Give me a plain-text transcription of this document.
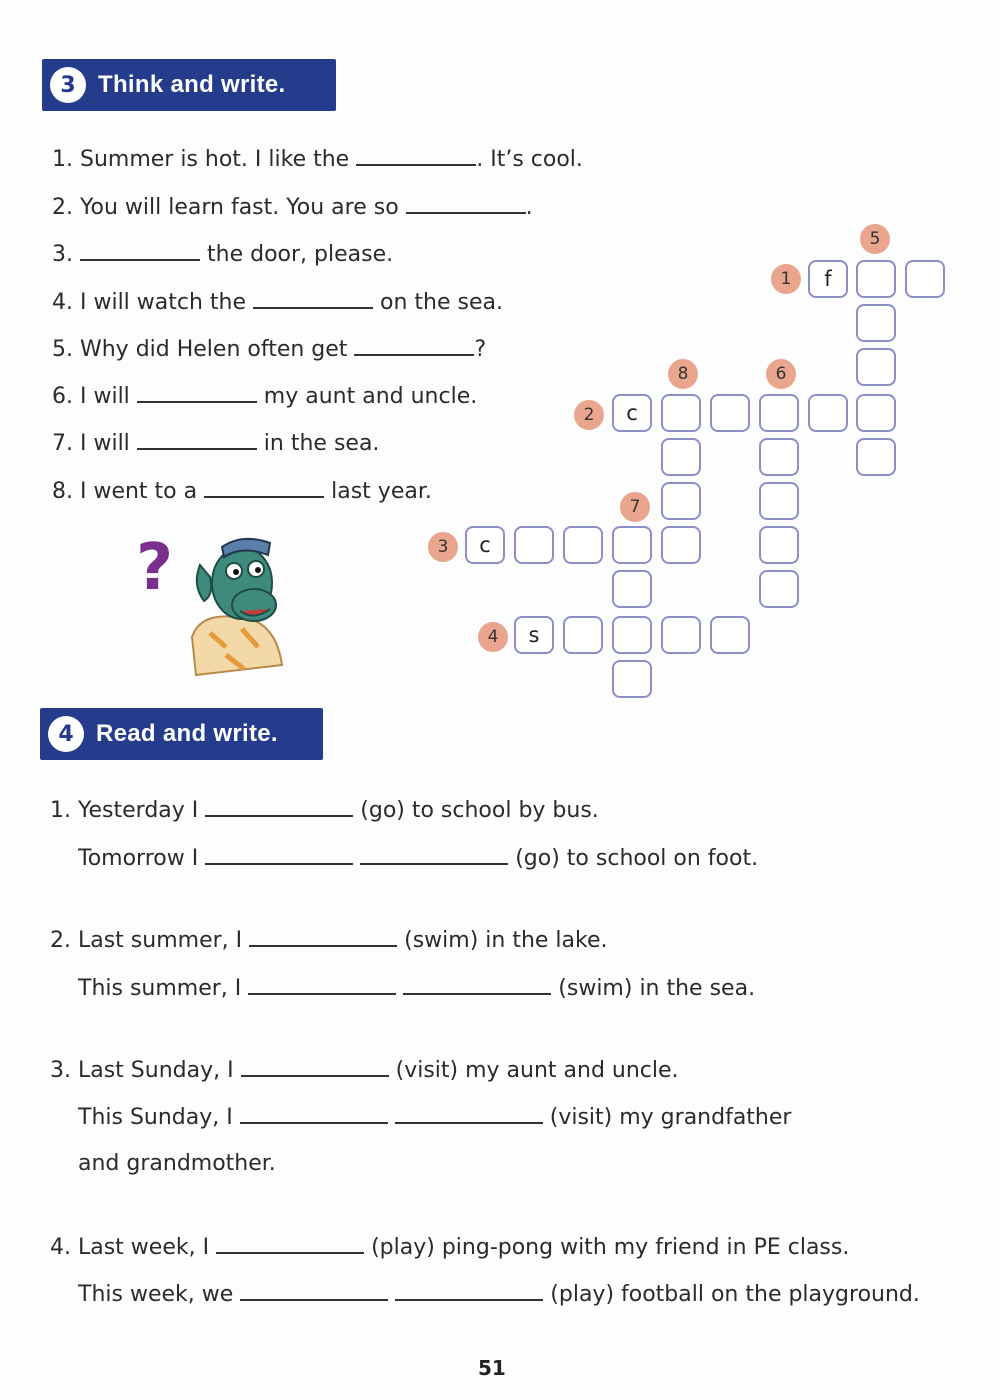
3 Think and write.
1. Summer is hot. I like the	. It’s cool.
2. You will learn fast. You are so	.
3.	the door, please.
4. I will watch the	on the sea.
5. Why did Helen often get	?
6. I will	my aunt and uncle.
7. I will	in the sea.
8. I went to a	last year.
?
f
c
c
s
1
2
3
4
5
6
7
8
4 Read and write.
1. Yesterday I	(go) to school by bus.
Tomorrow I	(go) to school on foot.
2. Last summer, I	(swim) in the lake.
This summer, I	(swim) in the sea.
3. Last Sunday, I	(visit) my aunt and uncle.
This Sunday, I	(visit) my grandfather
and grandmother.
4. Last week, I	(play) ping-pong with my friend in PE class.
This week, we	(play) football on the playground.
51
